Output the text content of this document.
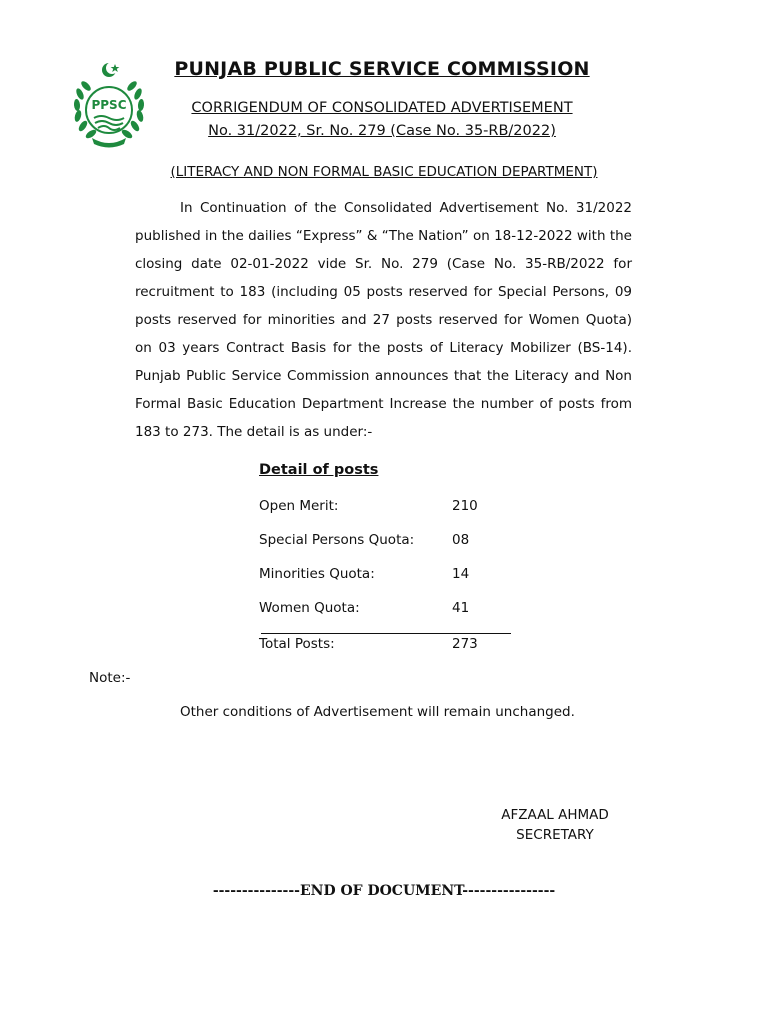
PPSC
PUNJAB PUBLIC SERVICE COMMISSION
CORRIGENDUM OF CONSOLIDATED ADVERTISEMENT
No. 31/2022, Sr. No. 279 (Case No. 35-RB/2022)
(LITERACY AND NON FORMAL BASIC EDUCATION DEPARTMENT)
In Continuation of the Consolidated Advertisement No. 31/2022 published in the dailies “Express” & “The Nation” on 18-12-2022 with the closing date 02-01-2022 vide Sr. No. 279 (Case No. 35-RB/2022 for recruitment to 183 (including 05 posts reserved for Special Persons, 09 posts reserved for minorities and 27 posts reserved for Women Quota) on 03 years Contract Basis for the posts of Literacy Mobilizer (BS-14). Punjab Public Service Commission announces that the Literacy and Non Formal Basic Education Department Increase the number of posts from 183 to 273. The detail is as under:-
Detail of posts
Open Merit:	210
Special Persons Quota:	08
Minorities Quota:	14
Women Quota:	41
Total Posts:	273
Note:-
Other conditions of Advertisement will remain unchanged.
AFZAAL AHMAD
SECRETARY
---------------END OF DOCUMENT----------------
